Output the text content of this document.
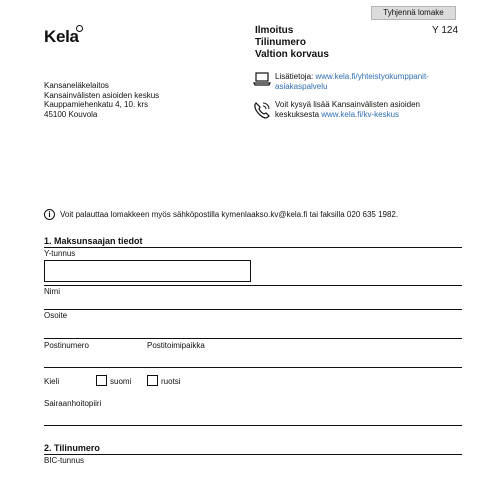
Tyhjennä lomake
Kela	Ilmoitus
Tilinumero
Valtion korvaus
Y 124
Kansaneläkelaitos
Kansainvälisten asioiden keskus
Kauppamiehenkatu 4, 10. krs
45100 Kouvola
Lisätietoja: www.kela.fi/yhteistyokumppanit-
asiakaspalvelu
Voit kysyä lisää Kansainvälisten asioiden
keskuksesta www.kela.fi/kv-keskus
i	Voit palauttaa lomakkeen myös sähköpostilla kymenlaakso.kv@kela.fi tai faksilla 020 635 1982.
1. Maksunsaajan tiedot
Y-tunnus
Nimi
Osoite
Postinumero	Postitoimipaikka
Kieli	suomi	ruotsi
Sairaanhoitopiiri
2. Tilinumero
BIC-tunnus
